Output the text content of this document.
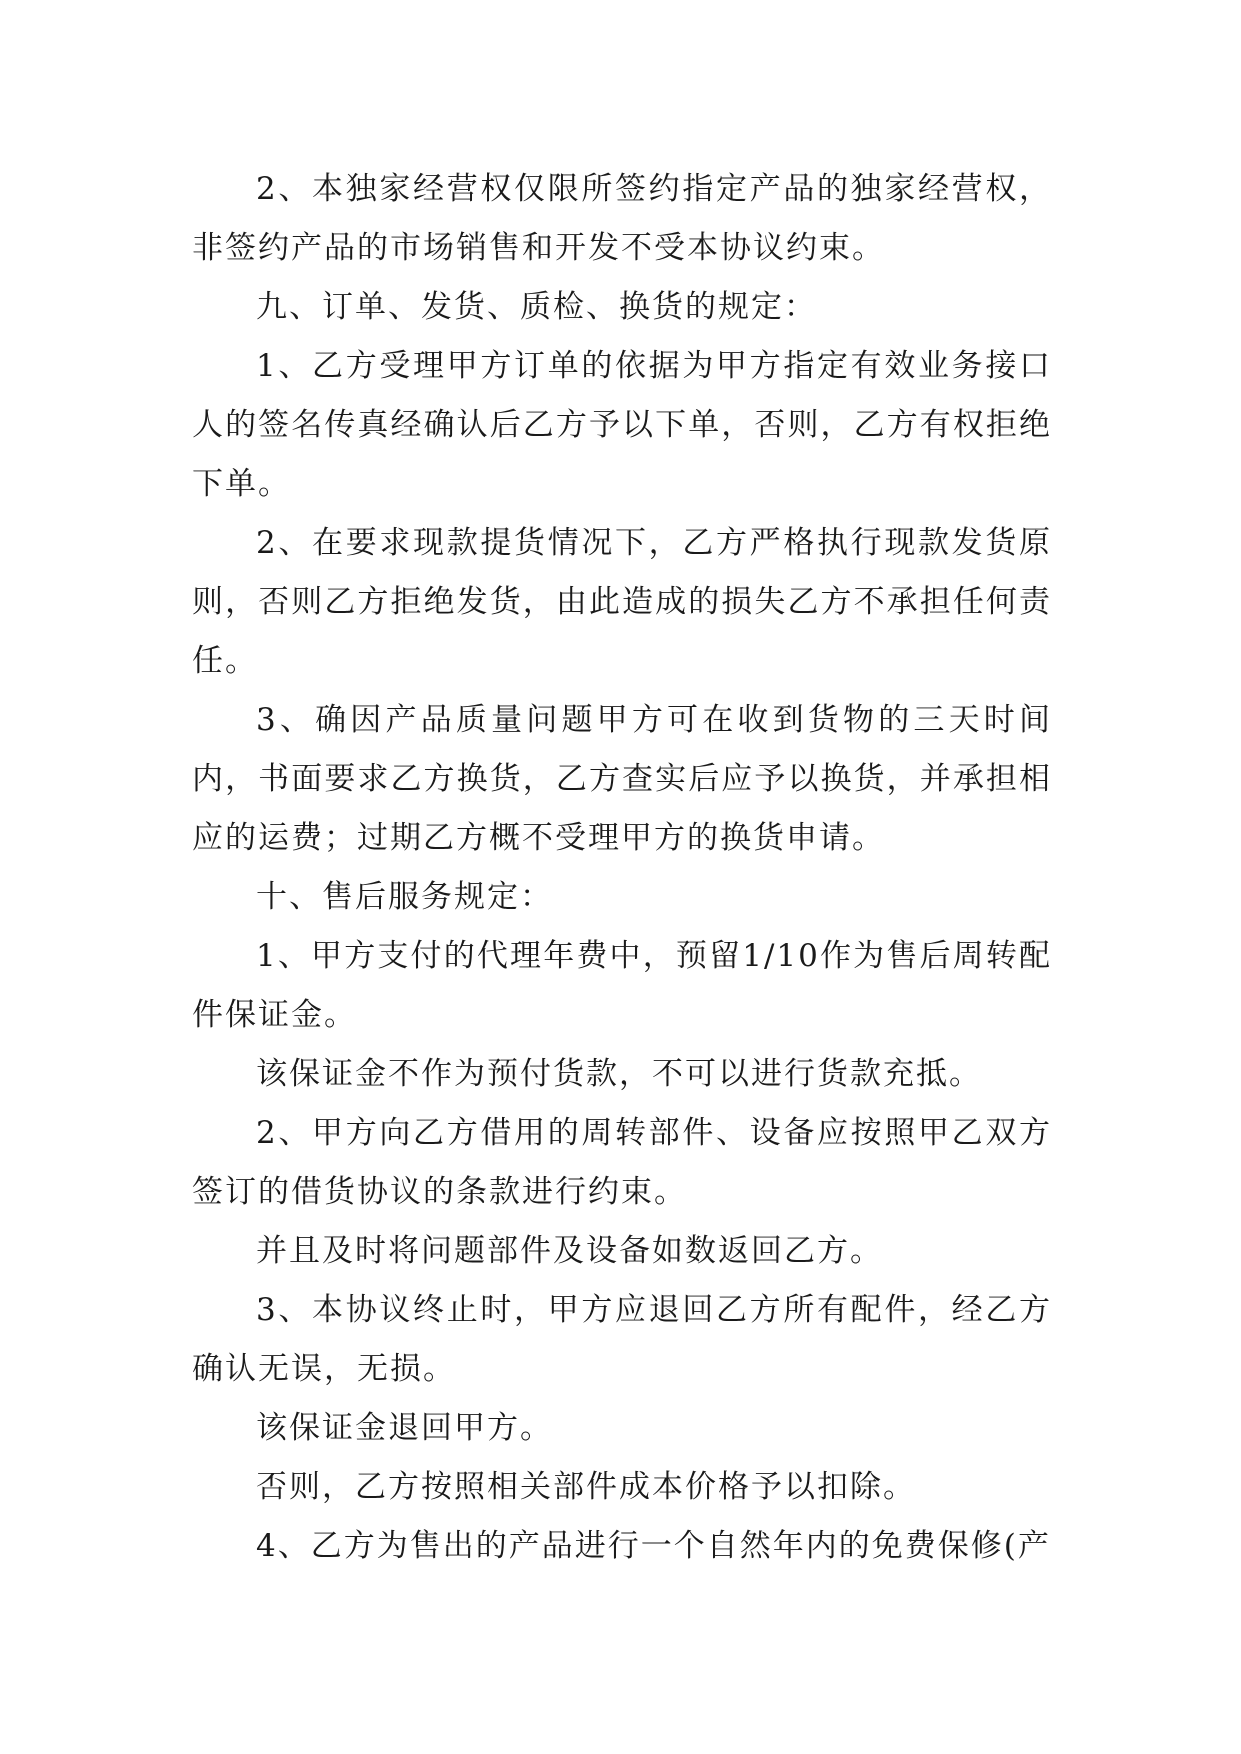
2、本独家经营权仅限所签约指定产品的独家经营权，非签约产品的市场销售和开发不受本协议约束。

九、订单、发货、质检、换货的规定：

1、乙方受理甲方订单的依据为甲方指定有效业务接口人的签名传真经确认后乙方予以下单，否则，乙方有权拒绝下单。

2、在要求现款提货情况下，乙方严格执行现款发货原则，否则乙方拒绝发货，由此造成的损失乙方不承担任何责任。

3、确因产品质量问题甲方可在收到货物的三天时间内，书面要求乙方换货，乙方查实后应予以换货，并承担相应的运费；过期乙方概不受理甲方的换货申请。

十、售后服务规定：

1、甲方支付的代理年费中，预留1/10作为售后周转配件保证金。

该保证金不作为预付货款，不可以进行货款充抵。

2、甲方向乙方借用的周转部件、设备应按照甲乙双方签订的借货协议的条款进行约束。

并且及时将问题部件及设备如数返回乙方。

3、本协议终止时，甲方应退回乙方所有配件，经乙方确认无误，无损。

该保证金退回甲方。

否则，乙方按照相关部件成本价格予以扣除。

4、乙方为售出的产品进行一个自然年内的免费保修(产
